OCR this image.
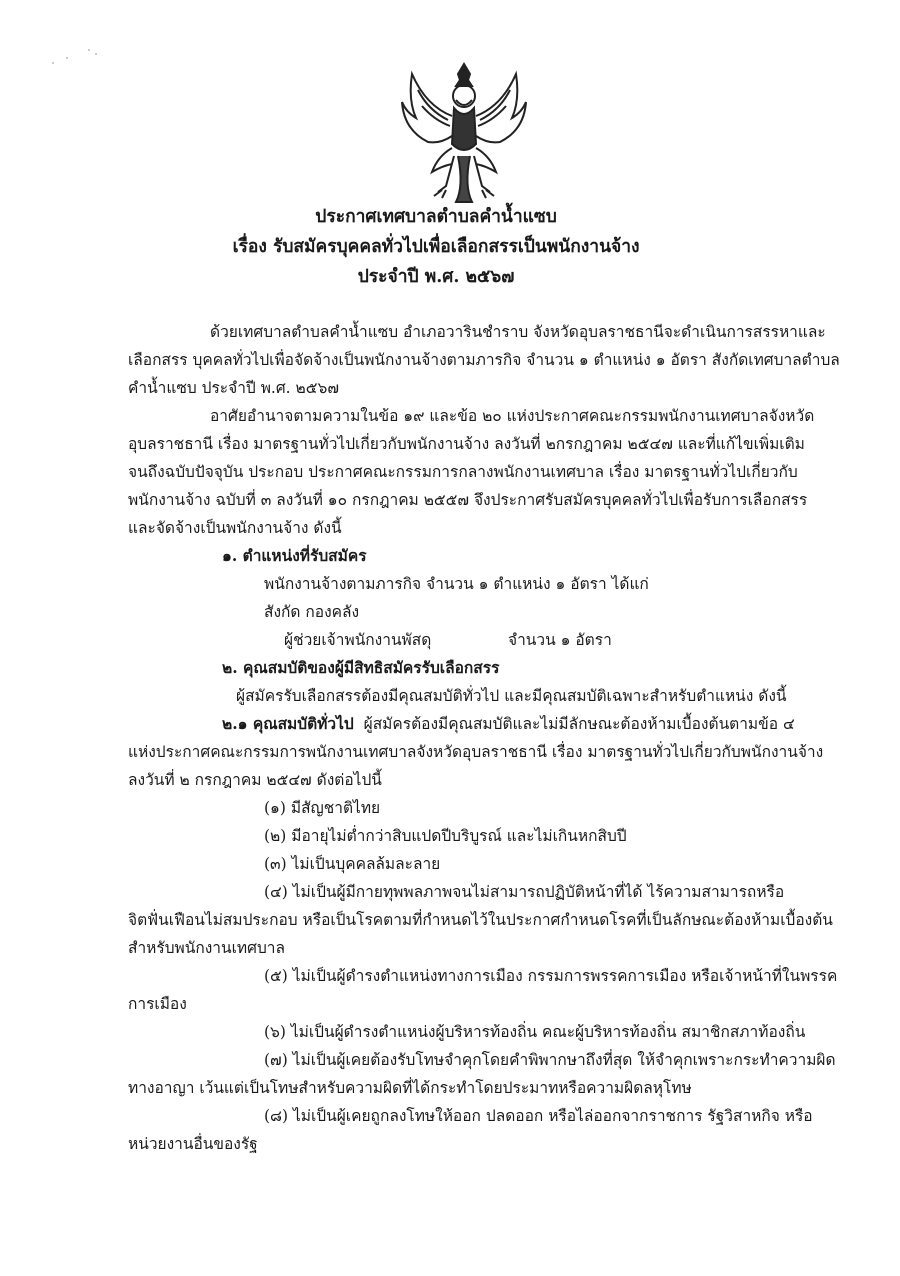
ประกาศเทศบาลตำบลคำน้ำแซบ
เรื่อง รับสมัครบุคคลทั่วไปเพื่อเลือกสรรเป็นพนักงานจ้าง
ประจำปี พ.ศ. ๒๕๖๗
ด้วยเทศบาลตำบลคำน้ำแซบ อำเภอวารินชำราบ จังหวัดอุบลราชธานีจะดำเนินการสรรหาและ
เลือกสรร บุคคลทั่วไปเพื่อจัดจ้างเป็นพนักงานจ้างตามภารกิจ จำนวน ๑ ตำแหน่ง ๑ อัตรา สังกัดเทศบาลตำบล
คำน้ำแซบ ประจำปี พ.ศ. ๒๕๖๗
อาศัยอำนาจตามความในข้อ ๑๙ และข้อ ๒๐ แห่งประกาศคณะกรรมพนักงานเทศบาลจังหวัด
อุบลราชธานี เรื่อง มาตรฐานทั่วไปเกี่ยวกับพนักงานจ้าง ลงวันที่ ๒กรกฎาคม ๒๕๔๗ และที่แก้ไขเพิ่มเติม
จนถึงฉบับปัจจุบัน ประกอบ ประกาศคณะกรรมการกลางพนักงานเทศบาล เรื่อง มาตรฐานทั่วไปเกี่ยวกับ
พนักงานจ้าง ฉบับที่ ๓ ลงวันที่ ๑๐ กรกฎาคม ๒๕๕๗ จึงประกาศรับสมัครบุคคลทั่วไปเพื่อรับการเลือกสรร
และจัดจ้างเป็นพนักงานจ้าง ดังนี้
๑. ตำแหน่งที่รับสมัคร
พนักงานจ้างตามภารกิจ จำนวน ๑ ตำแหน่ง ๑ อัตรา ได้แก่
สังกัด กองคลัง
ผู้ช่วยเจ้าพนักงานพัสดุ	จำนวน ๑ อัตรา
๒. คุณสมบัติของผู้มีสิทธิสมัครรับเลือกสรร
ผู้สมัครรับเลือกสรรต้องมีคุณสมบัติทั่วไป และมีคุณสมบัติเฉพาะสำหรับตำแหน่ง ดังนี้
๒.๑ คุณสมบัติทั่วไป ผู้สมัครต้องมีคุณสมบัติและไม่มีลักษณะต้องห้ามเบื้องต้นตามข้อ ๔
แห่งประกาศคณะกรรมการพนักงานเทศบาลจังหวัดอุบลราชธานี เรื่อง มาตรฐานทั่วไปเกี่ยวกับพนักงานจ้าง
ลงวันที่ ๒ กรกฎาคม ๒๕๔๗ ดังต่อไปนี้
(๑) มีสัญชาติไทย
(๒) มีอายุไม่ต่ำกว่าสิบแปดปีบริบูรณ์ และไม่เกินหกสิบปี
(๓) ไม่เป็นบุคคลล้มละลาย
(๔) ไม่เป็นผู้มีกายทุพพลภาพจนไม่สามารถปฏิบัติหน้าที่ได้ ไร้ความสามารถหรือ
จิตฟั่นเฟือนไม่สมประกอบ หรือเป็นโรคตามที่กำหนดไว้ในประกาศกำหนดโรคที่เป็นลักษณะต้องห้ามเบื้องต้น
สำหรับพนักงานเทศบาล
(๕) ไม่เป็นผู้ดำรงตำแหน่งทางการเมือง กรรมการพรรคการเมือง หรือเจ้าหน้าที่ในพรรค
การเมือง
(๖) ไม่เป็นผู้ดำรงตำแหน่งผู้บริหารท้องถิ่น คณะผู้บริหารท้องถิ่น สมาชิกสภาท้องถิ่น
(๗) ไม่เป็นผู้เคยต้องรับโทษจำคุกโดยคำพิพากษาถึงที่สุด ให้จำคุกเพราะกระทำความผิด
ทางอาญา เว้นแต่เป็นโทษสำหรับความผิดที่ได้กระทำโดยประมาทหรือความผิดลหุโทษ
(๘) ไม่เป็นผู้เคยถูกลงโทษให้ออก ปลดออก หรือไล่ออกจากราชการ รัฐวิสาหกิจ หรือ
หน่วยงานอื่นของรัฐ
